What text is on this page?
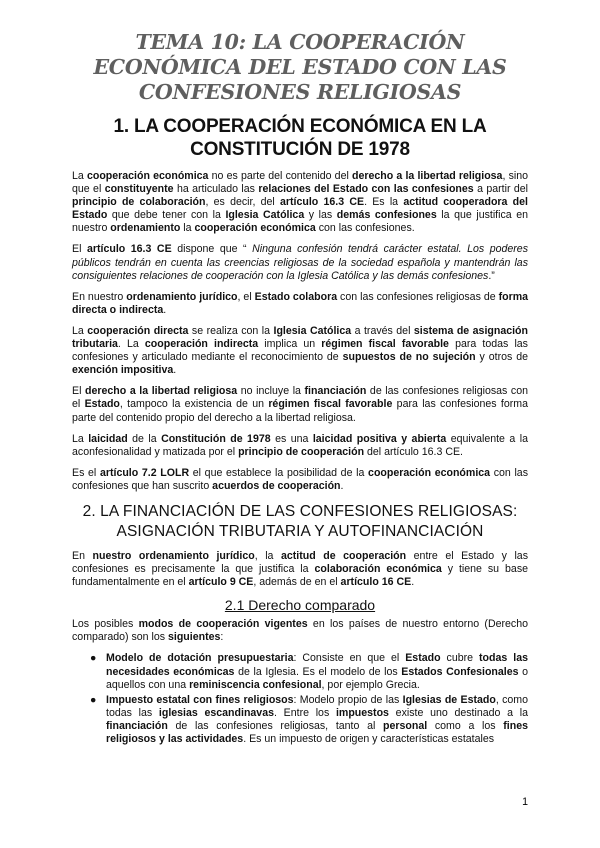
TEMA 10: LA COOPERACIÓN ECONÓMICA DEL ESTADO CON LAS CONFESIONES RELIGIOSAS
1. LA COOPERACIÓN ECONÓMICA EN LA CONSTITUCIÓN DE 1978

La cooperación económica no es parte del contenido del derecho a la libertad religiosa, sino que el constituyente ha articulado las relaciones del Estado con las confesiones a partir del principio de colaboración, es decir, del artículo 16.3 CE. Es la actitud cooperadora del Estado que debe tener con la Iglesia Católica y las demás confesiones la que justifica en nuestro ordenamiento la cooperación económica con las confesiones.

El artículo 16.3 CE dispone que “ Ninguna confesión tendrá carácter estatal. Los poderes públicos tendrán en cuenta las creencias religiosas de la sociedad española y mantendrán las consiguientes relaciones de cooperación con la Iglesia Católica y las demás confesiones.”

En nuestro ordenamiento jurídico, el Estado colabora con las confesiones religiosas de forma directa o indirecta.

La cooperación directa se realiza con la Iglesia Católica a través del sistema de asignación tributaria. La cooperación indirecta implica un régimen fiscal favorable para todas las confesiones y articulado mediante el reconocimiento de supuestos de no sujeción y otros de exención impositiva.

El derecho a la libertad religiosa no incluye la financiación de las confesiones religiosas con el Estado, tampoco la existencia de un régimen fiscal favorable para las confesiones forma parte del contenido propio del derecho a la libertad religiosa.

La laicidad de la Constitución de 1978 es una laicidad positiva y abierta equivalente a la aconfesionalidad y matizada por el principio de cooperación del artículo 16.3 CE.

Es el artículo 7.2 LOLR el que establece la posibilidad de la cooperación económica con las confesiones que han suscrito acuerdos de cooperación.

2. LA FINANCIACIÓN DE LAS CONFESIONES RELIGIOSAS:
ASIGNACIÓN TRIBUTARIA Y AUTOFINANCIACIÓN

En nuestro ordenamiento jurídico, la actitud de cooperación entre el Estado y las confesiones es precisamente la que justifica la colaboración económica y tiene su base fundamentalmente en el artículo 9 CE, además de en el artículo 16 CE.

2.1 Derecho comparado

Los posibles modos de cooperación vigentes en los países de nuestro entorno (Derecho comparado) son los siguientes:

● Modelo de dotación presupuestaria: Consiste en que el Estado cubre todas las necesidades económicas de la Iglesia. Es el modelo de los Estados Confesionales o aquellos con una reminiscencia confesional, por ejemplo Grecia.
● Impuesto estatal con fines religiosos: Modelo propio de las Iglesias de Estado, como todas las iglesias escandinavas. Entre los impuestos existe uno destinado a la financiación de las confesiones religiosas, tanto al personal como a los fines religiosos y las actividades. Es un impuesto de origen y características estatales
1
